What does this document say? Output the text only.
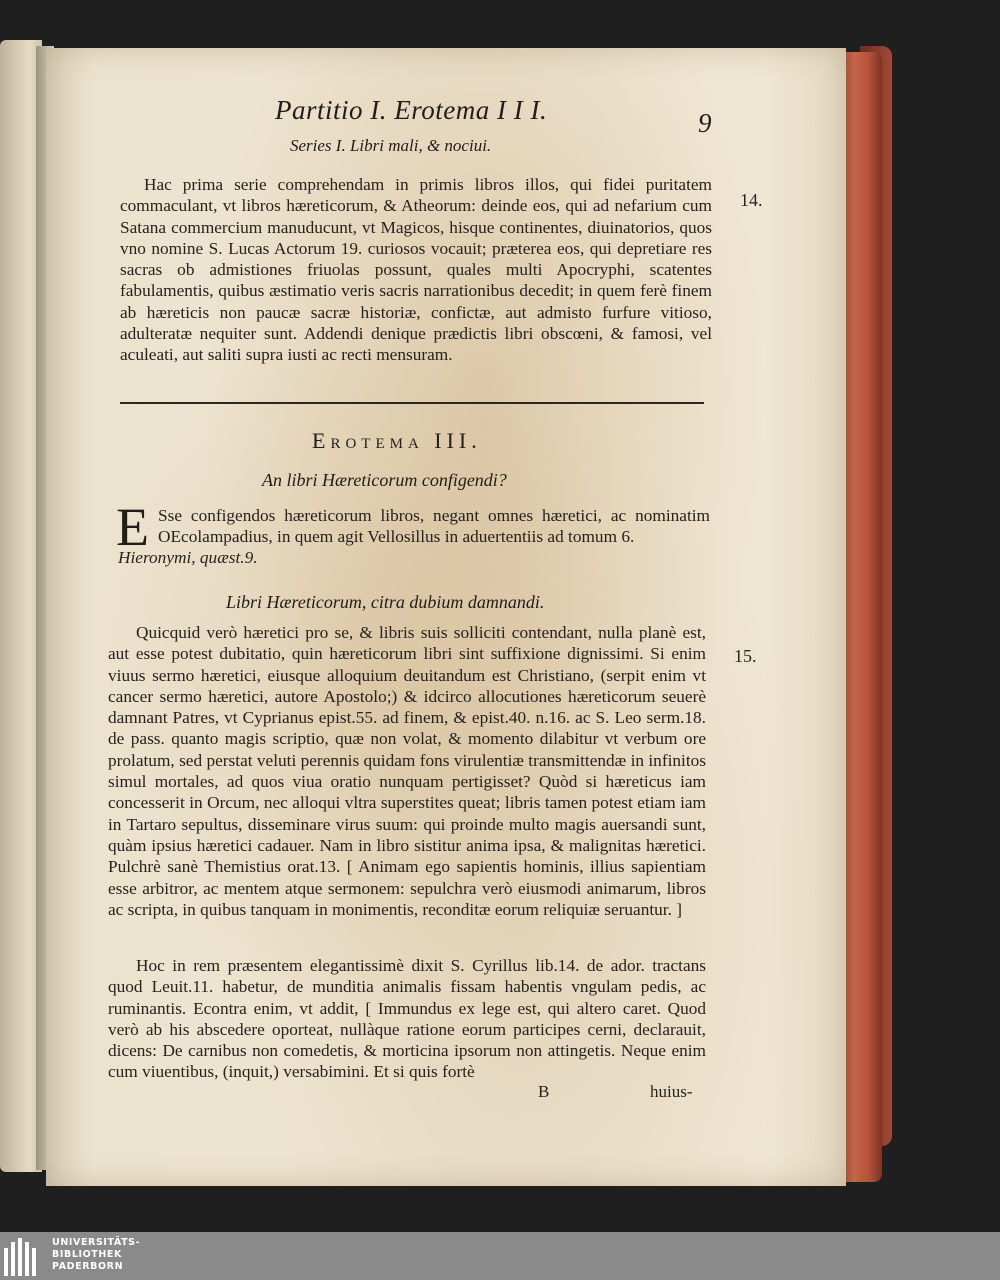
Partitio I. Erotema I I I.	9
Series I. Libri mali, & nociui.
Hac prima serie comprehendam in primis libros illos, qui fidei puritatem commaculant, vt libros hæreticorum, & Atheorum: deinde eos, qui ad nefarium cum Satana commercium manuducunt, vt Magicos, hisque continentes, diuinatorios, quos vno nomine S. Lucas Actorum 19. curiosos vocauit; præterea eos, qui depretiare res sacras ob admistiones friuolas possunt, quales multi Apocryphi, scatentes fabulamentis, quibus æstimatio veris sacris narrationibus decedit; in quem ferè finem ab hæreticis non paucæ sacræ historiæ, confictæ, aut admisto furfure vitioso, adulteratæ nequiter sunt. Addendi denique prædictis libri obscœni, & famosi, vel aculeati, aut saliti supra iusti ac recti mensuram.
14.
Erotema III.
An libri Hæreticorum configendi?
E Sse configendos hæreticorum libros, negant omnes hæretici, ac nominatim OEcolampadius, in quem agit Vellosillus in aduertentiis ad tomum 6.
Hieronymi, quæst.9.
Libri Hæreticorum, citra dubium damnandi.
Quicquid verò hæretici pro se, & libris suis solliciti contendant, nulla planè est, aut esse potest dubitatio, quin hæreticorum libri sint suffixione dignissimi. Si enim viuus sermo hæretici, eiusque alloquium deuitandum est Christiano, (serpit enim vt cancer sermo hæretici, autore Apostolo;) & idcirco allocutiones hæreticorum seuerè damnant Patres, vt Cyprianus epist.55. ad finem, & epist.40. n.16. ac S. Leo serm.18. de pass. quanto magis scriptio, quæ non volat, & momento dilabitur vt verbum ore prolatum, sed perstat veluti perennis quidam fons virulentiæ transmittendæ in infinitos simul mortales, ad quos viua oratio nunquam pertigisset? Quòd si hæreticus iam concesserit in Orcum, nec alloqui vltra superstites queat; libris tamen potest etiam iam in Tartaro sepultus, disseminare virus suum: qui proinde multo magis auersandi sunt, quàm ipsius hæretici cadauer. Nam in libro sistitur anima ipsa, & malignitas hæretici. Pulchrè sanè Themistius orat.13. [ Animam ego sapientis hominis, illius sapientiam esse arbitror, ac mentem atque sermonem: sepulchra verò eiusmodi animarum, libros ac scripta, in quibus tanquam in monimentis, reconditæ eorum reliquiæ seruantur. ]
15.
Hoc in rem præsentem elegantissimè dixit S. Cyrillus lib.14. de ador. tractans quod Leuit.11. habetur, de munditia animalis fissam habentis vngulam pedis, ac ruminantis. Econtra enim, vt addit, [ Immundus ex lege est, qui altero caret. Quod verò ab his abscedere oporteat, nullàque ratione eorum participes cerni, declarauit, dicens: De carnibus non comedetis, & morticina ipsorum non attingetis. Neque enim cum viuentibus, (inquit,) versabimini. Et si quis fortè
B	huius-
UNIVERSITÄTS-
BIBLIOTHEK
PADERBORN
